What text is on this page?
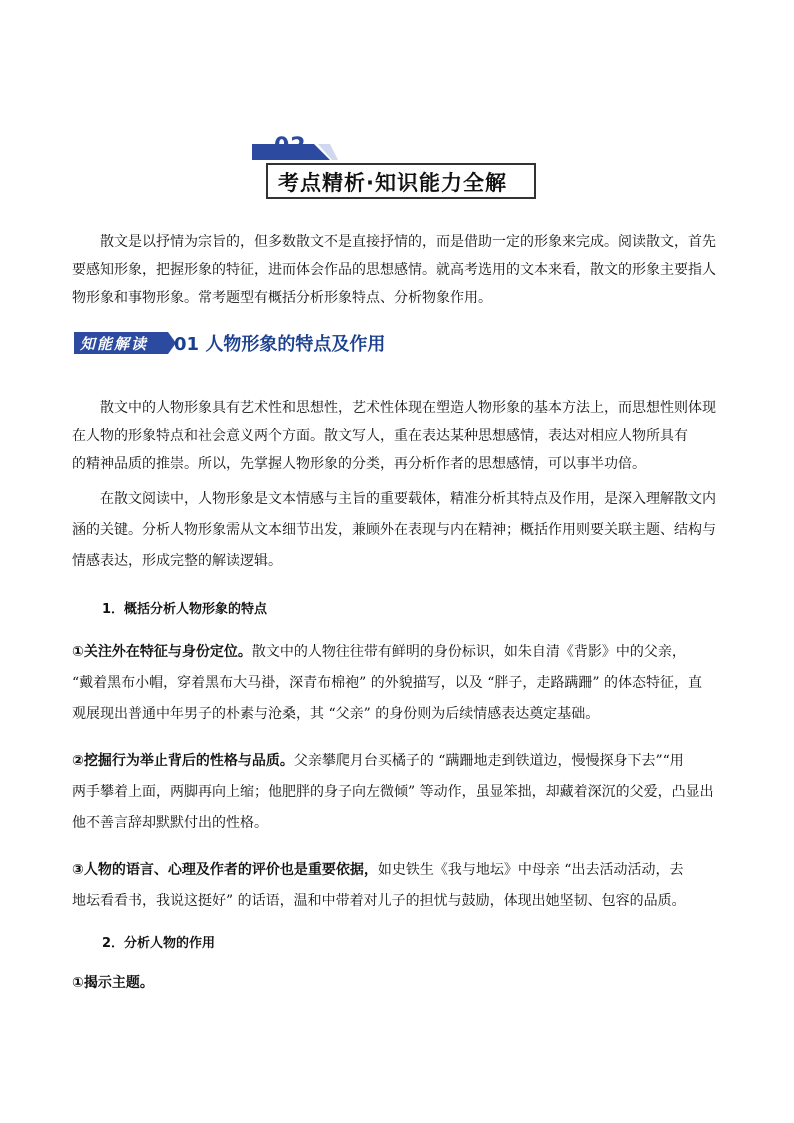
02
考点精析·知识能力全解

散文是以抒情为宗旨的，但多数散文不是直接抒情的，而是借助一定的形象来完成。阅读散文，首先

要感知形象，把握形象的特征，进而体会作品的思想感情。就高考选用的文本来看，散文的形象主要指人

物形象和事物形象。常考题型有概括分析形象特点、分析物象作用。

知能解读 01 人物形象的特点及作用

散文中的人物形象具有艺术性和思想性，艺术性体现在塑造人物形象的基本方法上，而思想性则体现

在人物的形象特点和社会意义两个方面。散文写人，重在表达某种思想感情，表达对相应人物所具有

的精神品质的推崇。所以，先掌握人物形象的分类，再分析作者的思想感情，可以事半功倍。

在散文阅读中，人物形象是文本情感与主旨的重要载体，精准分析其特点及作用，是深入理解散文内

涵的关键。分析人物形象需从文本细节出发，兼顾外在表现与内在精神；概括作用则要关联主题、结构与

情感表达，形成完整的解读逻辑。

1．概括分析人物形象的特点
①关注外在特征与身份定位。散文中的人物往往带有鲜明的身份标识，如朱自清《背影》中的父亲，
“戴着黑布小帽，穿着黑布大马褂，深青布棉袍” 的外貌描写，以及 “胖子，走路蹒跚” 的体态特征，直
观展现出普通中年男子的朴素与沧桑，其 “父亲” 的身份则为后续情感表达奠定基础。
②挖掘行为举止背后的性格与品质。父亲攀爬月台买橘子的 “蹒跚地走到铁道边，慢慢探身下去”“用
两手攀着上面，两脚再向上缩；他肥胖的身子向左微倾” 等动作，虽显笨拙，却藏着深沉的父爱，凸显出
他不善言辞却默默付出的性格。
③人物的语言、心理及作者的评价也是重要依据，如史铁生《我与地坛》中母亲 “出去活动活动，去
地坛看看书，我说这挺好” 的话语，温和中带着对儿子的担忧与鼓励，体现出她坚韧、包容的品质。
2．分析人物的作用
①揭示主题。
